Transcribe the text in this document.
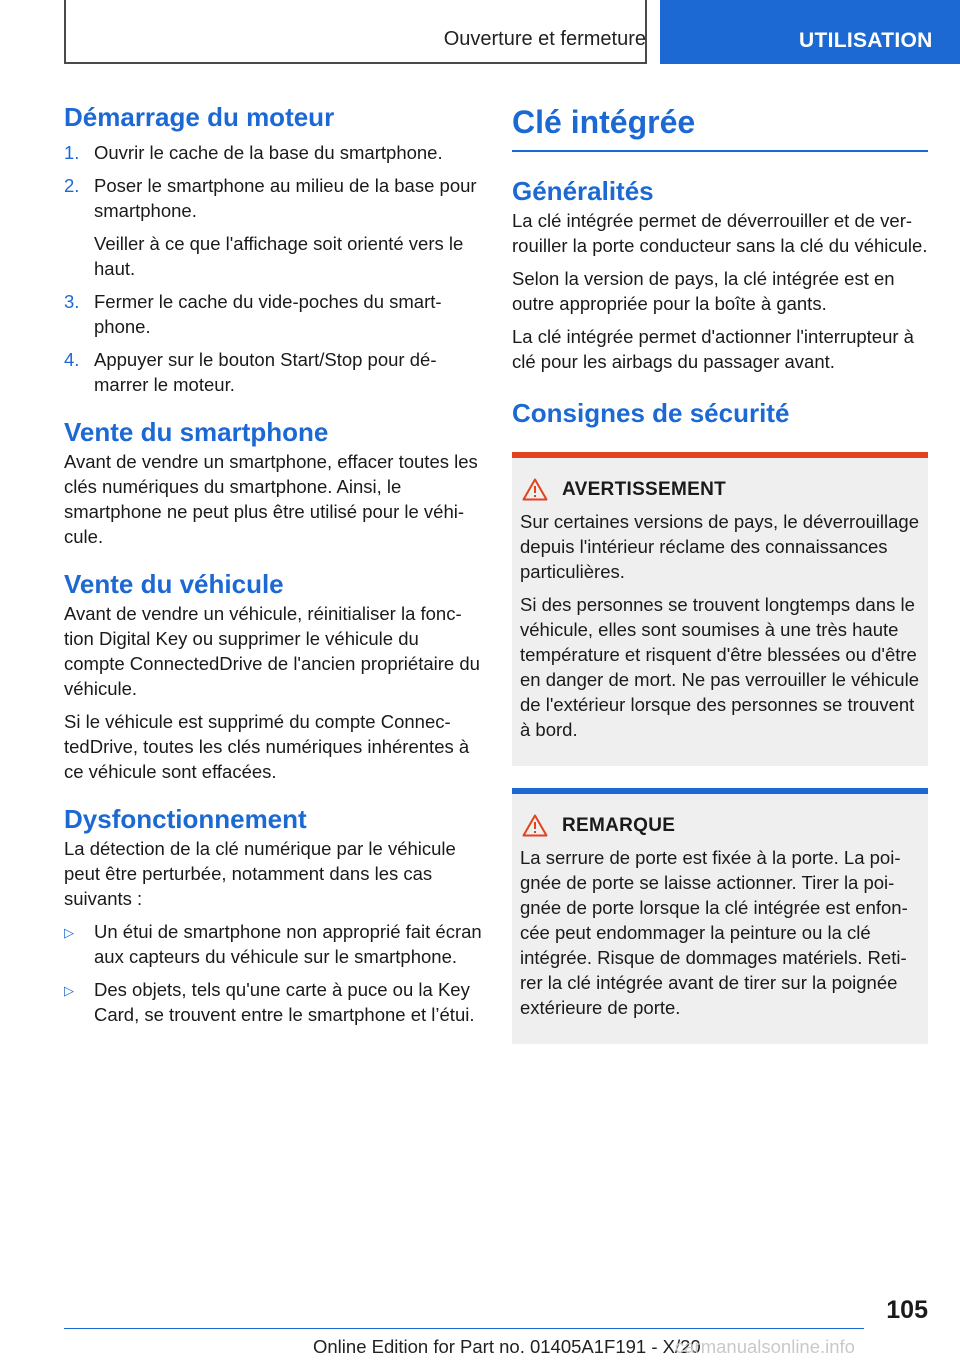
Ouverture et fermeture	UTILISATION
Démarrage du moteur
1. Ouvrir le cache de la base du smartphone.
2. Poser le smartphone au milieu de la base pour smartphone.
Veiller à ce que l'affichage soit orienté vers le haut.
3. Fermer le cache du vide-poches du smartphone.
4. Appuyer sur le bouton Start/Stop pour démarrer le moteur.
Vente du smartphone

Avant de vendre un smartphone, effacer toutes les clés numériques du smartphone. Ainsi, le smartphone ne peut plus être utilisé pour le véhicule.

Vente du véhicule

Avant de vendre un véhicule, réinitialiser la fonction Digital Key ou supprimer le véhicule du compte ConnectedDrive de l'ancien propriétaire du véhicule.

Si le véhicule est supprimé du compte ConnectedDrive, toutes les clés numériques inhérentes à ce véhicule sont effacées.

Dysfonctionnement

La détection de la clé numérique par le véhicule peut être perturbée, notamment dans les cas suivants :

▷ Un étui de smartphone non approprié fait écran aux capteurs du véhicule sur le smartphone.
▷ Des objets, tels qu'une carte à puce ou la Key Card, se trouvent entre le smartphone et l’étui.
Clé intégrée
Généralités

La clé intégrée permet de déverrouiller et de verrouiller la porte conducteur sans la clé du véhicule.

Selon la version de pays, la clé intégrée est en outre appropriée pour la boîte à gants.

La clé intégrée permet d'actionner l'interrupteur à clé pour les airbags du passager avant.

Consignes de sécurité
AVERTISSEMENT

Sur certaines versions de pays, le déverrouillage depuis l'intérieur réclame des connaissances particulières.

Si des personnes se trouvent longtemps dans le véhicule, elles sont soumises à une très haute température et risquent d'être blessées ou d'être en danger de mort. Ne pas verrouiller le véhicule de l'extérieur lorsque des personnes se trouvent à bord.

REMARQUE

La serrure de porte est fixée à la porte. La poignée de porte se laisse actionner. Tirer la poignée de porte lorsque la clé intégrée est enfoncée peut endommager la peinture ou la clé intégrée. Risque de dommages matériels. Retirer la clé intégrée avant de tirer sur la poignée extérieure de porte.

105
Online Edition for Part no. 01405A1F191 - X/20
carmanualsonline.info
